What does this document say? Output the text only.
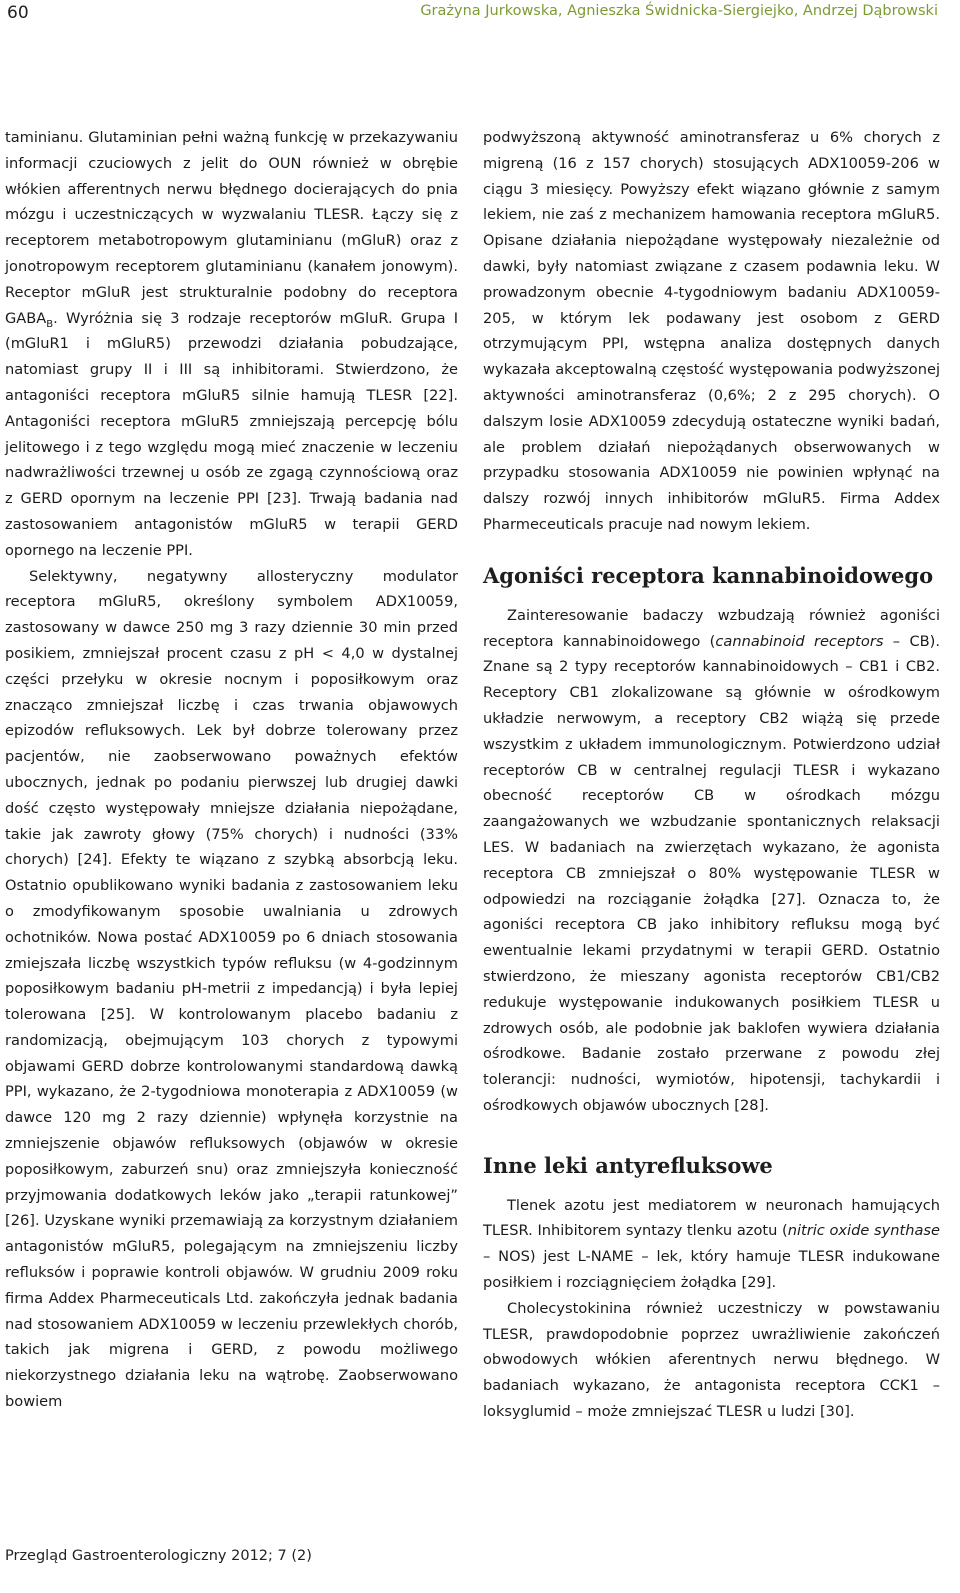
60	Grażyna Jurkowska, Agnieszka Świdnicka-Siergiejko, Andrzej Dąbrowski

taminianu. Glutaminian pełni ważną funkcję w przekazywaniu informacji czuciowych z jelit do OUN również w obrębie włókien afferentnych nerwu błędnego docierających do pnia mózgu i uczestniczących w wyzwalaniu TLESR. Łączy się z receptorem metabotropowym glutaminianu (mGluR) oraz z jonotropowym receptorem glutaminianu (kanałem jonowym). Receptor mGluR jest strukturalnie podobny do receptora $GABA_B$. Wyróżnia się 3 rodzaje receptorów mGluR. Grupa I (mGluR1 i mGluR5) przewodzi działania pobudzające, natomiast grupy II i III są inhibitorami. Stwierdzono, że antagoniści receptora mGluR5 silnie hamują TLESR [22]. Antagoniści receptora mGluR5 zmniejszają percepcję bólu jelitowego i z tego względu mogą mieć znaczenie w leczeniu nadwrażliwości trzewnej u osób ze zgagą czynnościową oraz z GERD opornym na leczenie PPI [23]. Trwają badania nad zastosowaniem antagonistów mGluR5 w terapii GERD opornego na leczenie PPI.

Selektywny, negatywny allosteryczny modulator receptora mGluR5, określony symbolem ADX10059, zastosowany w dawce 250 mg 3 razy dziennie 30 min przed posikiem, zmniejszał procent czasu z pH < 4,0 w dystalnej części przełyku w okresie nocnym i poposiłkowym oraz znacząco zmniejszał liczbę i czas trwania objawowych epizodów refluksowych. Lek był dobrze tolerowany przez pacjentów, nie zaobserwowano poważnych efektów ubocznych, jednak po podaniu pierwszej lub drugiej dawki dość często występowały mniejsze działania niepożądane, takie jak zawroty głowy (75% chorych) i nudności (33% chorych) [24]. Efekty te wiązano z szybką absorbcją leku. Ostatnio opublikowano wyniki badania z zastosowaniem leku o zmodyfikowanym sposobie uwalniania u zdrowych ochotników. Nowa postać ADX10059 po 6 dniach stosowania zmiejszała liczbę wszystkich typów refluksu (w 4-godzinnym poposiłkowym badaniu pH-metrii z impedancją) i była lepiej tolerowana [25]. W kontrolowanym placebo badaniu z randomizacją, obejmującym 103 chorych z typowymi objawami GERD dobrze kontrolowanymi standardową dawką PPI, wykazano, że 2-tygodniowa monoterapia z ADX10059 (w dawce 120 mg 2 razy dziennie) wpłynęła korzystnie na zmniejszenie objawów refluksowych (objawów w okresie poposiłkowym, zaburzeń snu) oraz zmniejszyła konieczność przyjmowania dodatkowych leków jako „terapii ratunkowej” [26]. Uzyskane wyniki przemawiają za korzystnym działaniem antagonistów mGluR5, polegającym na zmniejszeniu liczby refluksów i poprawie kontroli objawów. W grudniu 2009 roku firma Addex Pharmeceuticals Ltd. zakończyła jednak badania nad stosowaniem ADX10059 w leczeniu przewlekłych chorób, takich jak migrena i GERD, z powodu możliwego niekorzystnego działania leku na wątrobę. Zaobserwowano bowiem

podwyższoną aktywność aminotransferaz u 6% chorych z migreną (16 z 157 chorych) stosujących ADX10059-206 w ciągu 3 miesięcy. Powyższy efekt wiązano głównie z samym lekiem, nie zaś z mechanizem hamowania receptora mGluR5. Opisane działania niepożądane występowały niezależnie od dawki, były natomiast związane z czasem podawnia leku. W prowadzonym obecnie 4-tygodniowym badaniu ADX10059-205, w którym lek podawany jest osobom z GERD otrzymującym PPI, wstępna analiza dostępnych danych wykazała akceptowalną częstość występowania podwyższonej aktywności aminotransferaz (0,6%; 2 z 295 chorych). O dalszym losie ADX10059 zdecydują ostateczne wyniki badań, ale problem działań niepożądanych obserwowanych w przypadku stosowania ADX10059 nie powinien wpłynąć na dalszy rozwój innych inhibitorów mGluR5. Firma Addex Pharmeceuticals pracuje nad nowym lekiem.

Agoniści receptora kannabinoidowego

Zainteresowanie badaczy wzbudzają również agoniści receptora kannabinoidowego (cannabinoid receptors – CB). Znane są 2 typy receptorów kannabinoidowych – CB1 i CB2. Receptory CB1 zlokalizowane są głównie w ośrodkowym układzie nerwowym, a receptory CB2 wiążą się przede wszystkim z układem immunologicznym. Potwierdzono udział receptorów CB w centralnej regulacji TLESR i wykazano obecność receptorów CB w ośrodkach mózgu zaangażowanych we wzbudzanie spontanicznych relaksacji LES. W badaniach na zwierzętach wykazano, że agonista receptora CB zmniejszał o 80% występowanie TLESR w odpowiedzi na rozciąganie żołądka [27]. Oznacza to, że agoniści receptora CB jako inhibitory refluksu mogą być ewentualnie lekami przydatnymi w terapii GERD. Ostatnio stwierdzono, że mieszany agonista receptorów CB1/CB2 redukuje występowanie indukowanych posiłkiem TLESR u zdrowych osób, ale podobnie jak baklofen wywiera działania ośrodkowe. Badanie zostało przerwane z powodu złej tolerancji: nudności, wymiotów, hipotensji, tachykardii i ośrodkowych objawów ubocznych [28].

Inne leki antyrefluksowe

Tlenek azotu jest mediatorem w neuronach hamujących TLESR. Inhibitorem syntazy tlenku azotu (nitric oxide synthase – NOS) jest L-NAME – lek, który hamuje TLESR indukowane posiłkiem i rozciągnięciem żołądka [29].

Cholecystokinina również uczestniczy w powstawaniu TLESR, prawdopodobnie poprzez uwrażliwienie zakończeń obwodowych włókien aferentnych nerwu błędnego. W badaniach wykazano, że antagonista receptora CCK1 – loksyglumid – może zmniejszać TLESR u ludzi [30].

Przegląd Gastroenterologiczny 2012; 7 (2)
